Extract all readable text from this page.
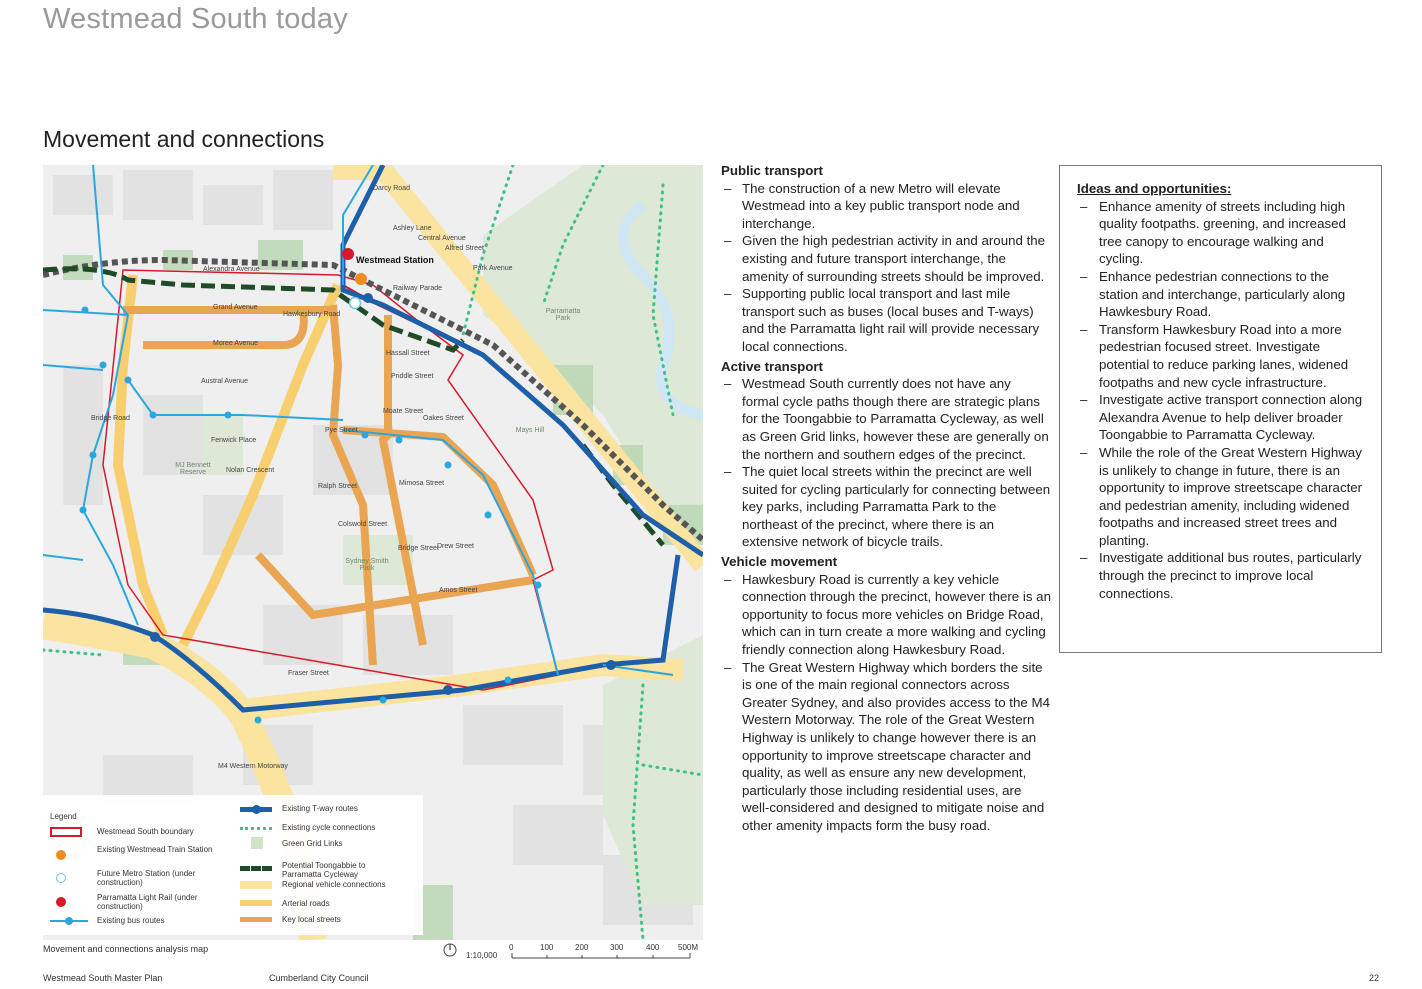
Westmead South today
Movement and connections
Westmead Station
Alexandra Avenue
Grand Avenue
Moree Avenue
Austral Avenue
Priddle Street
Moate Street
Oakes Street
Pye Street
Fenwick Place
Nolan Crescent
Mimosa Street
Ralph Street
Colswold Street
Drew Street
Amos Street
Fraser Street
Hawkesbury Road
M4 Western Motorway
Bridge Road
Railway Parade
Hassall Street
Bridge Street
Darcy Road
Ashley Lane
Central Avenue
Alfred Street
Park Avenue
Parramatta Park
Mays Hill
MJ Bennett Reserve
Sydney Smith Park
Legend
Westmead South boundary
Existing Westmead Train Station
Future Metro Station (under construction)
Parramatta Light Rail (under construction)
Existing bus routes
Existing T-way routes
Existing cycle connections
Green Grid Links
Potential Toongabbie to Parramatta Cycleway
Regional vehicle connections
Arterial roads
Key local streets
Movement and connections analysis map
1:10,000
0	100	200	300	400 500M
Public transport
– The construction of a new Metro will elevate Westmead into a key public transport node and interchange.
– Given the high pedestrian activity in and around the existing and future transport interchange, the amenity of surrounding streets should be improved.
– Supporting public local transport and last mile transport such as buses (local buses and T-ways) and the Parramatta light rail will provide necessary local connections.
Active transport
– Westmead South currently does not have any formal cycle paths though there are strategic plans for the Toongabbie to Parramatta Cycleway, as well as Green Grid links, however these are generally on the northern and southern edges of the precinct.
– The quiet local streets within the precinct are well suited for cycling particularly for connecting between key parks, including Parramatta Park to the northeast of the precinct, where there is an extensive network of bicycle trails.
Vehicle movement
– Hawkesbury Road is currently a key vehicle connection through the precinct, however there is an opportunity to focus more vehicles on Bridge Road, which can in turn create a more walking and cycling friendly connection along Hawkesbury Road.
– The Great Western Highway which borders the site is one of the main regional connectors across Greater Sydney, and also provides access to the M4 Western Motorway. The role of the Great Western Highway is unlikely to change however there is an opportunity to improve streetscape character and quality, as well as ensure any new development, particularly those including residential uses, are well-considered and designed to mitigate noise and other amenity impacts form the busy road.
Ideas and opportunities:
– Enhance amenity of streets including high quality footpaths. greening, and increased tree canopy to encourage walking and cycling.
– Enhance pedestrian connections to the station and interchange, particularly along Hawkesbury Road.
– Transform Hawkesbury Road into a more pedestrian focused street. Investigate potential to reduce parking lanes, widened footpaths and new cycle infrastructure.
– Investigate active transport connection along Alexandra Avenue to help deliver broader Toongabbie to Parramatta Cycleway.
– While the role of the Great Western Highway is unlikely to change in future, there is an opportunity to improve streetscape character and pedestrian amenity, including widened footpaths and increased street trees and planting.
– Investigate additional bus routes, particularly through the precinct to improve local connections.
Westmead South Master Plan	Cumberland City Council	22
